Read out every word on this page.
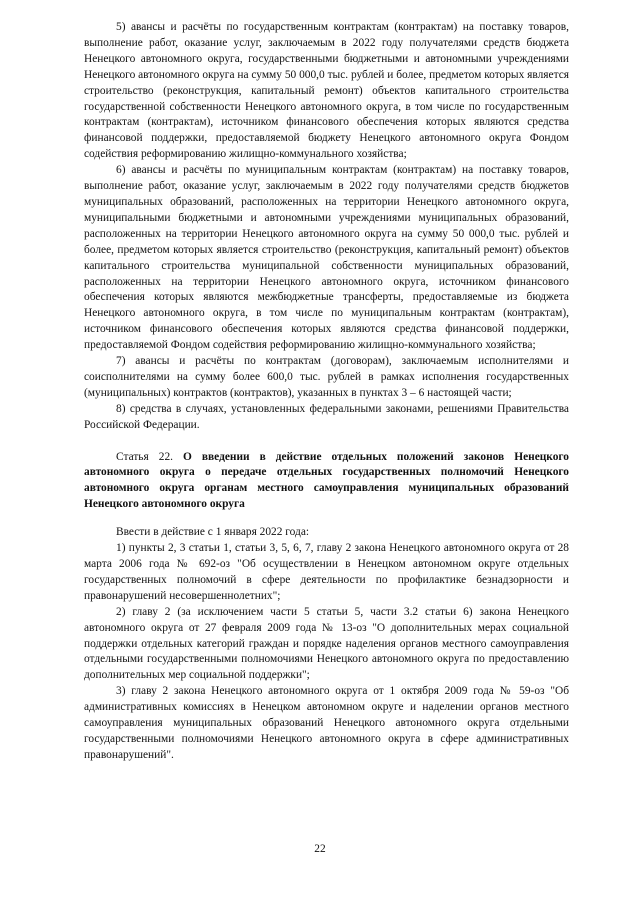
5) авансы и расчёты по государственным контрактам (контрактам) на поставку товаров, выполнение работ, оказание услуг, заключаемым в 2022 году получателями средств бюджета Ненецкого автономного округа, государственными бюджетными и автономными учреждениями Ненецкого автономного округа на сумму 50 000,0 тыс. рублей и более, предметом которых является строительство (реконструкция, капитальный ремонт) объектов капитального строительства государственной собственности Ненецкого автономного округа, в том числе по государственным контрактам (контрактам), источником финансового обеспечения которых являются средства финансовой поддержки, предоставляемой бюджету Ненецкого автономного округа Фондом содействия реформированию жилищно-коммунального хозяйства;

6) авансы и расчёты по муниципальным контрактам (контрактам) на поставку товаров, выполнение работ, оказание услуг, заключаемым в 2022 году получателями средств бюджетов муниципальных образований, расположенных на территории Ненецкого автономного округа, муниципальными бюджетными и автономными учреждениями муниципальных образований, расположенных на территории Ненецкого автономного округа на сумму 50 000,0 тыс. рублей и более, предметом которых является строительство (реконструкция, капитальный ремонт) объектов капитального строительства муниципальной собственности муниципальных образований, расположенных на территории Ненецкого автономного округа, источником финансового обеспечения которых являются межбюджетные трансферты, предоставляемые из бюджета Ненецкого автономного округа, в том числе по муниципальным контрактам (контрактам), источником финансового обеспечения которых являются средства финансовой поддержки, предоставляемой Фондом содействия реформированию жилищно-коммунального хозяйства;

7) авансы и расчёты по контрактам (договорам), заключаемым исполнителями и соисполнителями на сумму более 600,0 тыс. рублей в рамках исполнения государственных (муниципальных) контрактов (контрактов), указанных в пунктах 3 – 6 настоящей части;

8) средства в случаях, установленных федеральными законами, решениями Правительства Российской Федерации.

Статья 22. О введении в действие отдельных положений законов Ненецкого автономного округа о передаче отдельных государственных полномочий Ненецкого автономного округа органам местного самоуправления муниципальных образований Ненецкого автономного округа

Ввести в действие с 1 января 2022 года:

1) пункты 2, 3 статьи 1, статьи 3, 5, 6, 7, главу 2 закона Ненецкого автономного округа от 28 марта 2006 года № 692-оз "Об осуществлении в Ненецком автономном округе отдельных государственных полномочий в сфере деятельности по профилактике безнадзорности и правонарушений несовершеннолетних";

2) главу 2 (за исключением части 5 статьи 5, части 3.2 статьи 6) закона Ненецкого автономного округа от 27 февраля 2009 года № 13-оз "О дополнительных мерах социальной поддержки отдельных категорий граждан и порядке наделения органов местного самоуправления отдельными государственными полномочиями Ненецкого автономного округа по предоставлению дополнительных мер социальной поддержки";

3) главу 2 закона Ненецкого автономного округа от 1 октября 2009 года № 59-оз "Об административных комиссиях в Ненецком автономном округе и наделении органов местного самоуправления муниципальных образований Ненецкого автономного округа отдельными государственными полномочиями Ненецкого автономного округа в сфере административных правонарушений".

22
